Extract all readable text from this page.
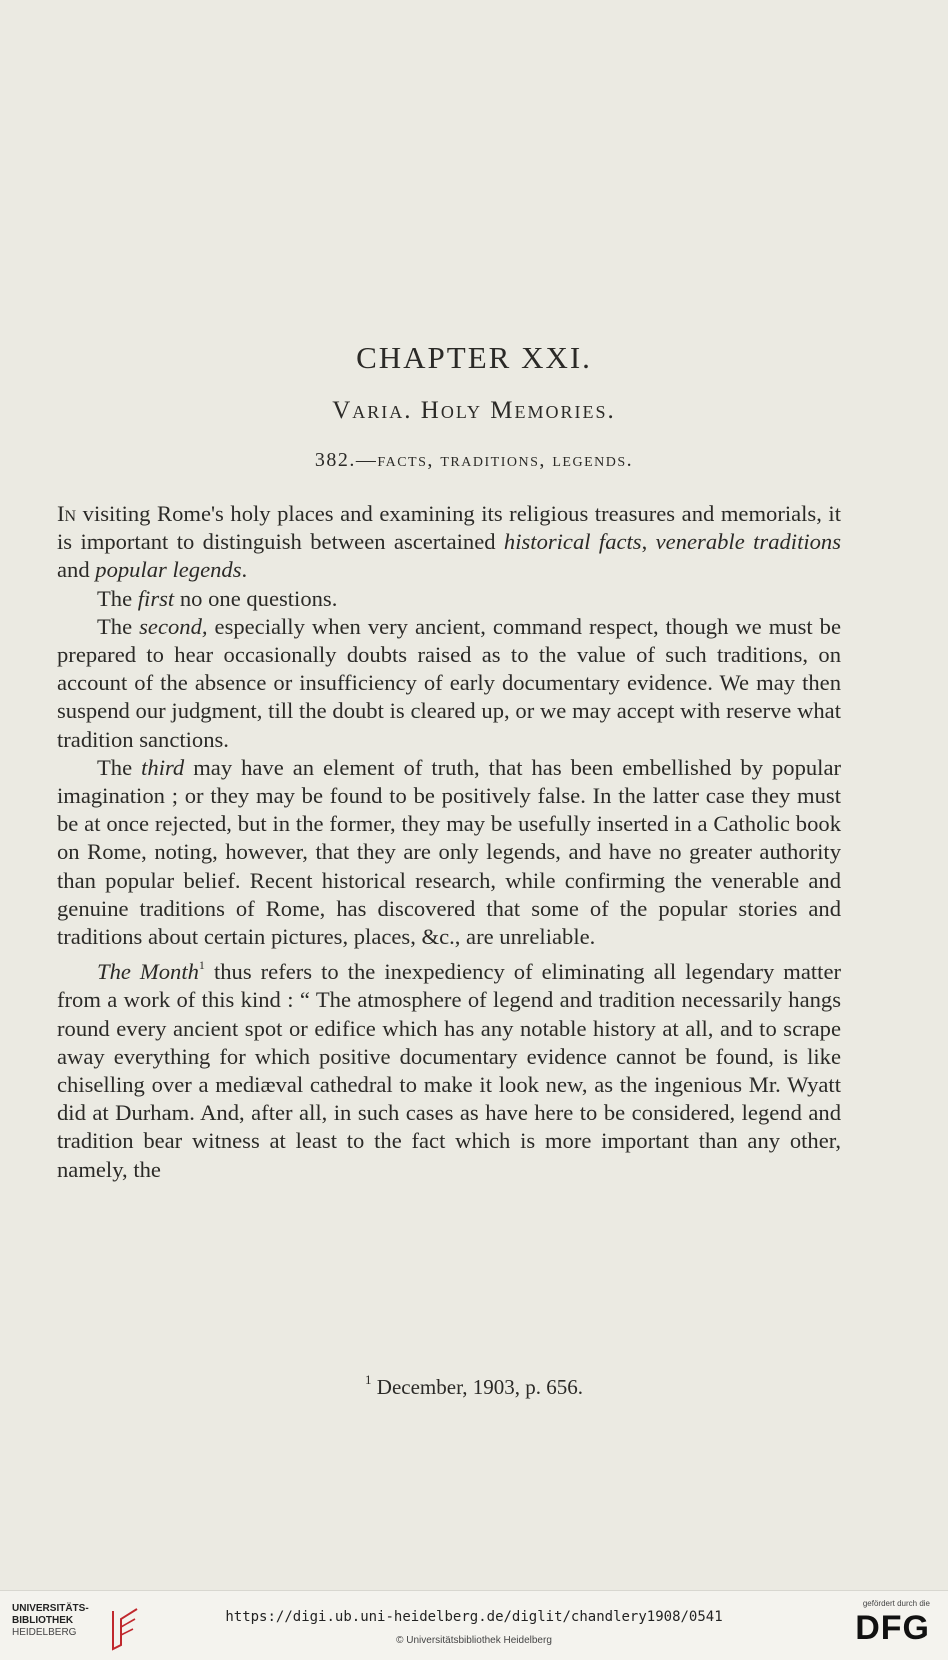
CHAPTER XXI.
Varia. Holy Memories.
382.—facts, traditions, legends.

In visiting Rome's holy places and examining its religious treasures and memorials, it is important to distinguish between ascertained historical facts, venerable traditions and popular legends.

The first no one questions.

The second, especially when very ancient, command respect, though we must be prepared to hear occasionally doubts raised as to the value of such traditions, on account of the absence or insufficiency of early documentary evidence. We may then suspend our judgment, till the doubt is cleared up, or we may accept with reserve what tradition sanctions.

The third may have an element of truth, that has been embellished by popular imagination ; or they may be found to be positively false. In the latter case they must be at once rejected, but in the former, they may be usefully inserted in a Catholic book on Rome, noting, however, that they are only legends, and have no greater authority than popular belief. Recent historical research, while confirming the venerable and genuine traditions of Rome, has discovered that some of the popular stories and traditions about certain pictures, places, &c., are unreliable.

The Month$^1$ thus refers to the inexpediency of eliminating all legendary matter from a work of this kind : “ The atmosphere of legend and tradition necessarily hangs round every ancient spot or edifice which has any notable history at all, and to scrape away everything for which positive documentary evidence cannot be found, is like chiselling over a mediæval cathedral to make it look new, as the ingenious Mr. Wyatt did at Durham. And, after all, in such cases as have here to be considered, legend and tradition bear witness at least to the fact which is more important than any other, namely, the

$^1$ December, 1903, p. 656.
UNIVERSITÄTS-
BIBLIOTHEK
HEIDELBERG
https://digi.ub.uni-heidelberg.de/diglit/chandlery1908/0541
© Universitätsbibliothek Heidelberg
gefördert durch die
DFG
